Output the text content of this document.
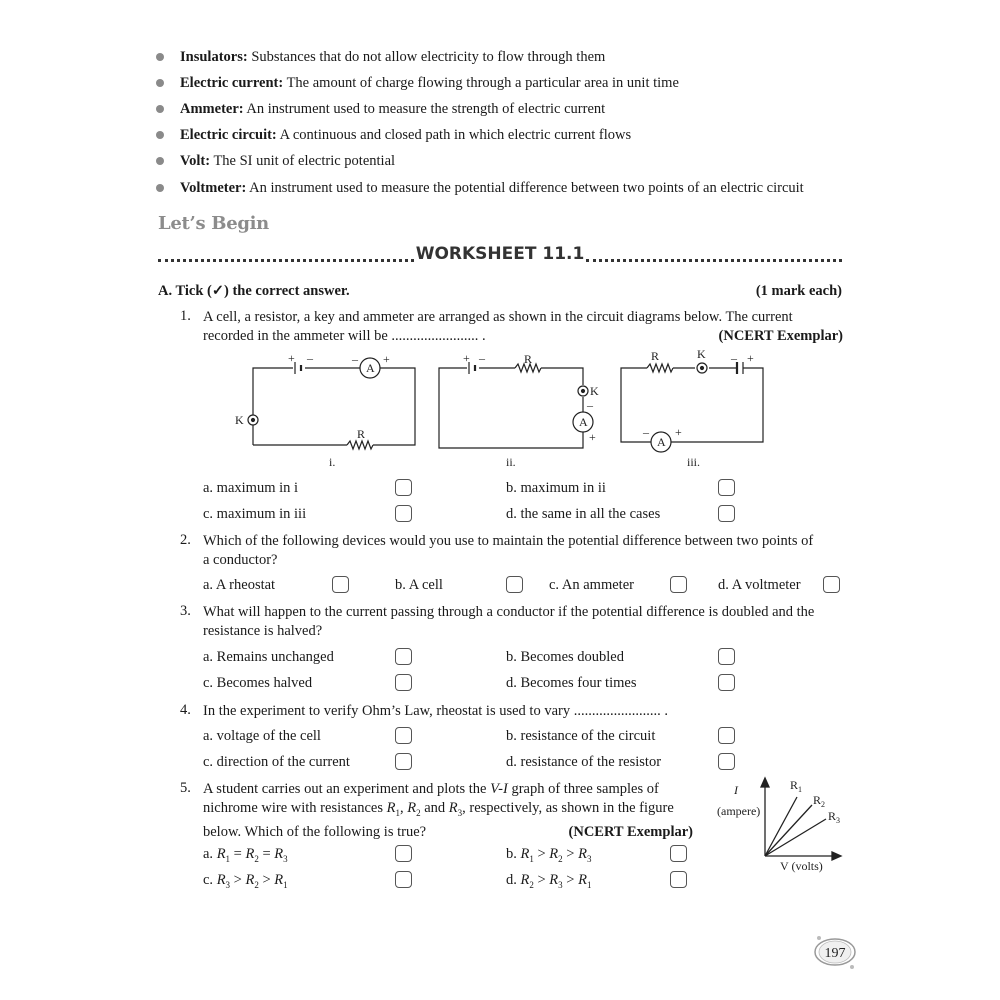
Insulators: Substances that do not allow electricity to flow through them
Electric current: The amount of charge flowing through a particular area in unit time
Ammeter: An instrument used to measure the strength of electric current
Electric circuit: A continuous and closed path in which electric current flows
Volt: The SI unit of electric potential
Voltmeter: An instrument used to measure the potential difference between two points of an electric circuit
Let’s Begin
WORKSHEET 11.1
A. Tick (✓) the correct answer.	(1 mark each)
1. A cell, a resistor, a key and ammeter are arranged as shown in the circuit diagrams below. The current
recorded in the ammeter will be ........................ .	(NCERT Exemplar)
+ –
A
– +
K
R
i.
+ –	R
K
A
–
+
ii.
R	K – +
A
– +
iii.
a. maximum in i	b. maximum in ii
c. maximum in iii	d. the same in all the cases
2. Which of the following devices would you use to maintain the potential difference between two points of
a conductor?
a. A rheostat	b. A cell	c. An ammeter	d. A voltmeter
3. What will happen to the current passing through a conductor if the potential difference is doubled and the
resistance is halved?
a. Remains unchanged	b. Becomes doubled
c. Becomes halved	d. Becomes four times
4. In the experiment to verify Ohm’s Law, rheostat is used to vary ........................ .
a. voltage of the cell	b. resistance of the circuit
c. direction of the current	d. resistance of the resistor
5. A student carries out an experiment and plots the V-I graph of three samples of
nichrome wire with resistances $R_1$, $R_2$ and $R_3$, respectively, as shown in the figure
below. Which of the following is true?	(NCERT Exemplar)
a. $R_1 = R_2 = R_3$	b. $R_1 > R_2 > R_3$
c. $R_3 > R_2 > R_1$	d. $R_2 > R_3 > R_1$
I
(ampere)
V (volts)
R 1
R 2
R 3
197
